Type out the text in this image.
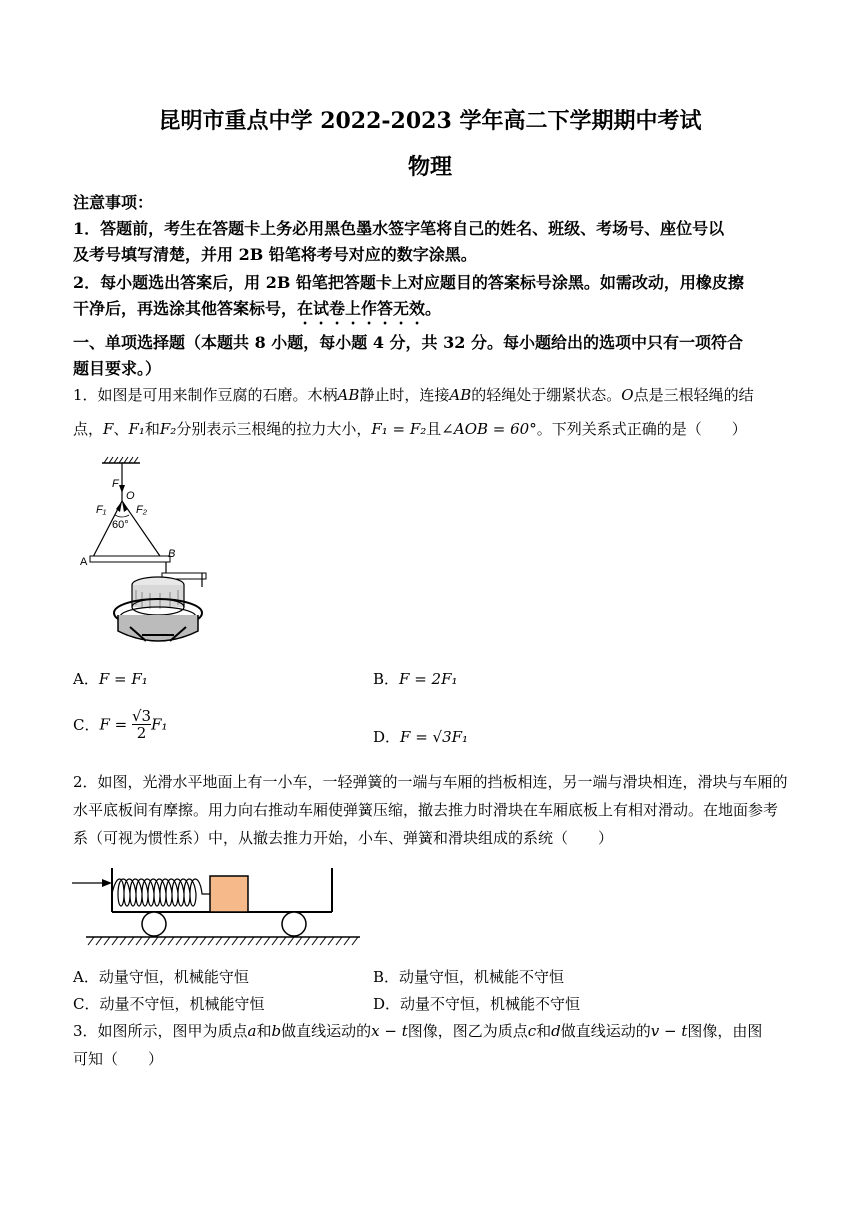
昆明市重点中学 2022-2023 学年高二下学期期中考试
物理
注意事项：
1．答题前，考生在答题卡上务必用黑色墨水签字笔将自己的姓名、班级、考场号、座位号以
及考号填写清楚，并用 2B 铅笔将考号对应的数字涂黑。
2．每小题选出答案后，用 2B 铅笔把答题卡上对应题目的答案标号涂黑。如需改动，用橡皮擦
干净后，再选涂其他答案标号，在试卷上作答无效。
一、单项选择题（本题共 8 小题，每小题 4 分，共 32 分。每小题给出的选项中只有一项符合
题目要求。）
1．如图是可用来制作豆腐的石磨。木柄AB静止时，连接AB的轻绳处于绷紧状态。O点是三根轻绳的结
点，F、F₁和F₂分别表示三根绳的拉力大小，F₁ = F₂且∠AOB = 60°。下列关系式正确的是（　　）
F
O
F₁	F₂
60°
A
B
A．F = F₁	B．F = 2F₁
C．$F = \frac{√3}{2} F_1$
D．F = √3F₁
2．如图，光滑水平地面上有一小车，一轻弹簧的一端与车厢的挡板相连，另一端与滑块相连，滑块与车厢的
水平底板间有摩擦。用力向右推动车厢使弹簧压缩，撤去推力时滑块在车厢底板上有相对滑动。在地面参考
系（可视为惯性系）中，从撤去推力开始，小车、弹簧和滑块组成的系统（　　）
A．动量守恒，机械能守恒	B．动量守恒，机械能不守恒
C．动量不守恒，机械能守恒	D．动量不守恒，机械能不守恒
3．如图所示，图甲为质点a和b做直线运动的x − t图像，图乙为质点c和d做直线运动的v − t图像，由图
可知（　　）
